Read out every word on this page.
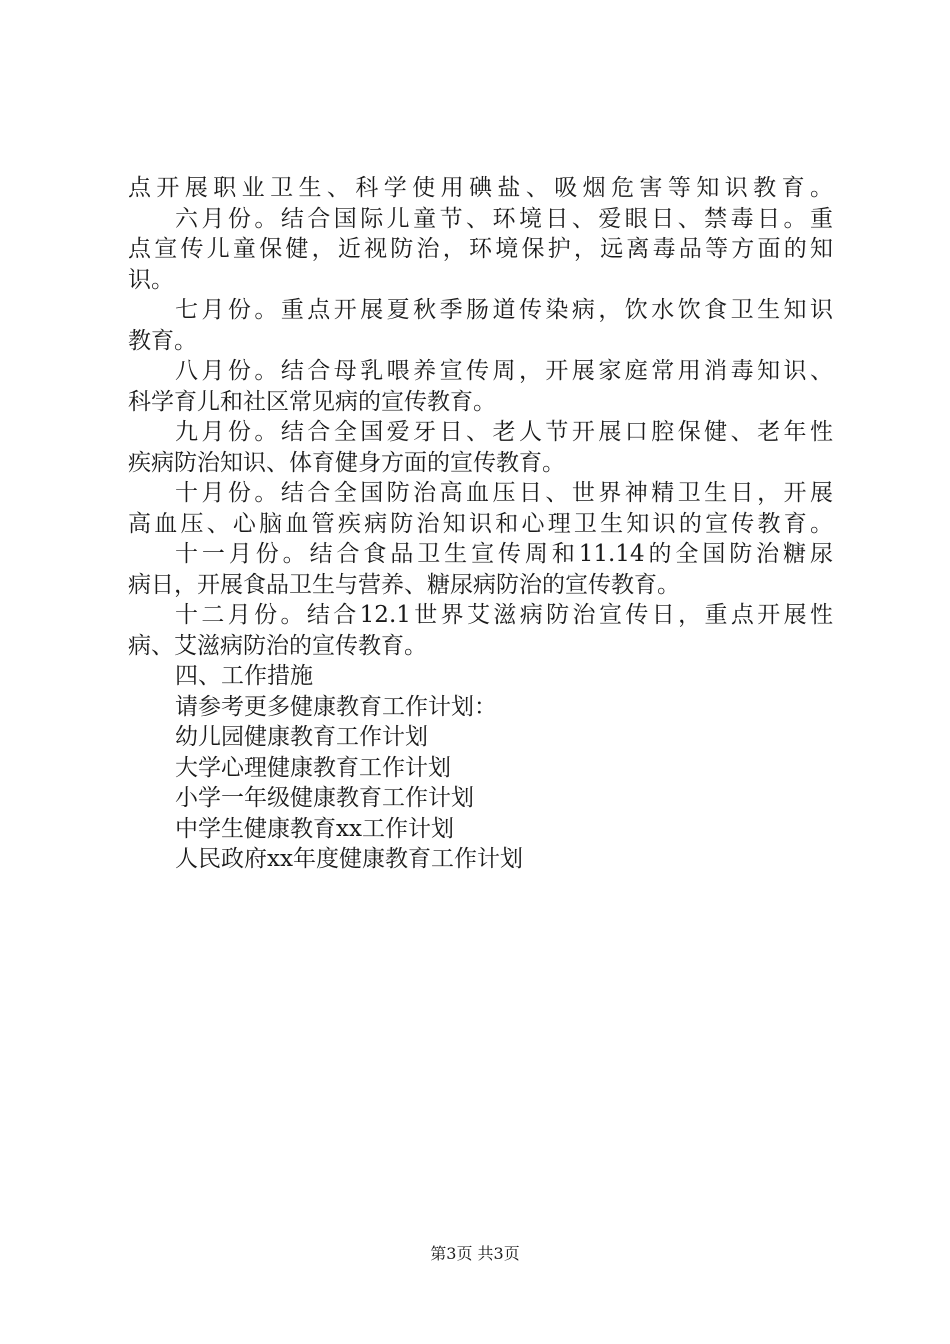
点开展职业卫生、科学使用碘盐、吸烟危害等知识教育。
六月份。结合国际儿童节、环境日、爱眼日、禁毒日。重
点宣传儿童保健，近视防治，环境保护，远离毒品等方面的知
识。
七月份。重点开展夏秋季肠道传染病，饮水饮食卫生知识
教育。
八月份。结合母乳喂养宣传周，开展家庭常用消毒知识、
科学育儿和社区常见病的宣传教育。
九月份。结合全国爱牙日、老人节开展口腔保健、老年性
疾病防治知识、体育健身方面的宣传教育。
十月份。结合全国防治高血压日、世界神精卫生日，开展
高血压、心脑血管疾病防治知识和心理卫生知识的宣传教育。
十一月份。结合食品卫生宣传周和11.14的全国防治糖尿
病日，开展食品卫生与营养、糖尿病防治的宣传教育。
十二月份。结合12.1世界艾滋病防治宣传日，重点开展性
病、艾滋病防治的宣传教育。
四、工作措施
请参考更多健康教育工作计划：
幼儿园健康教育工作计划
大学心理健康教育工作计划
小学一年级健康教育工作计划
中学生健康教育xx工作计划
人民政府xx年度健康教育工作计划
第3页 共3页
